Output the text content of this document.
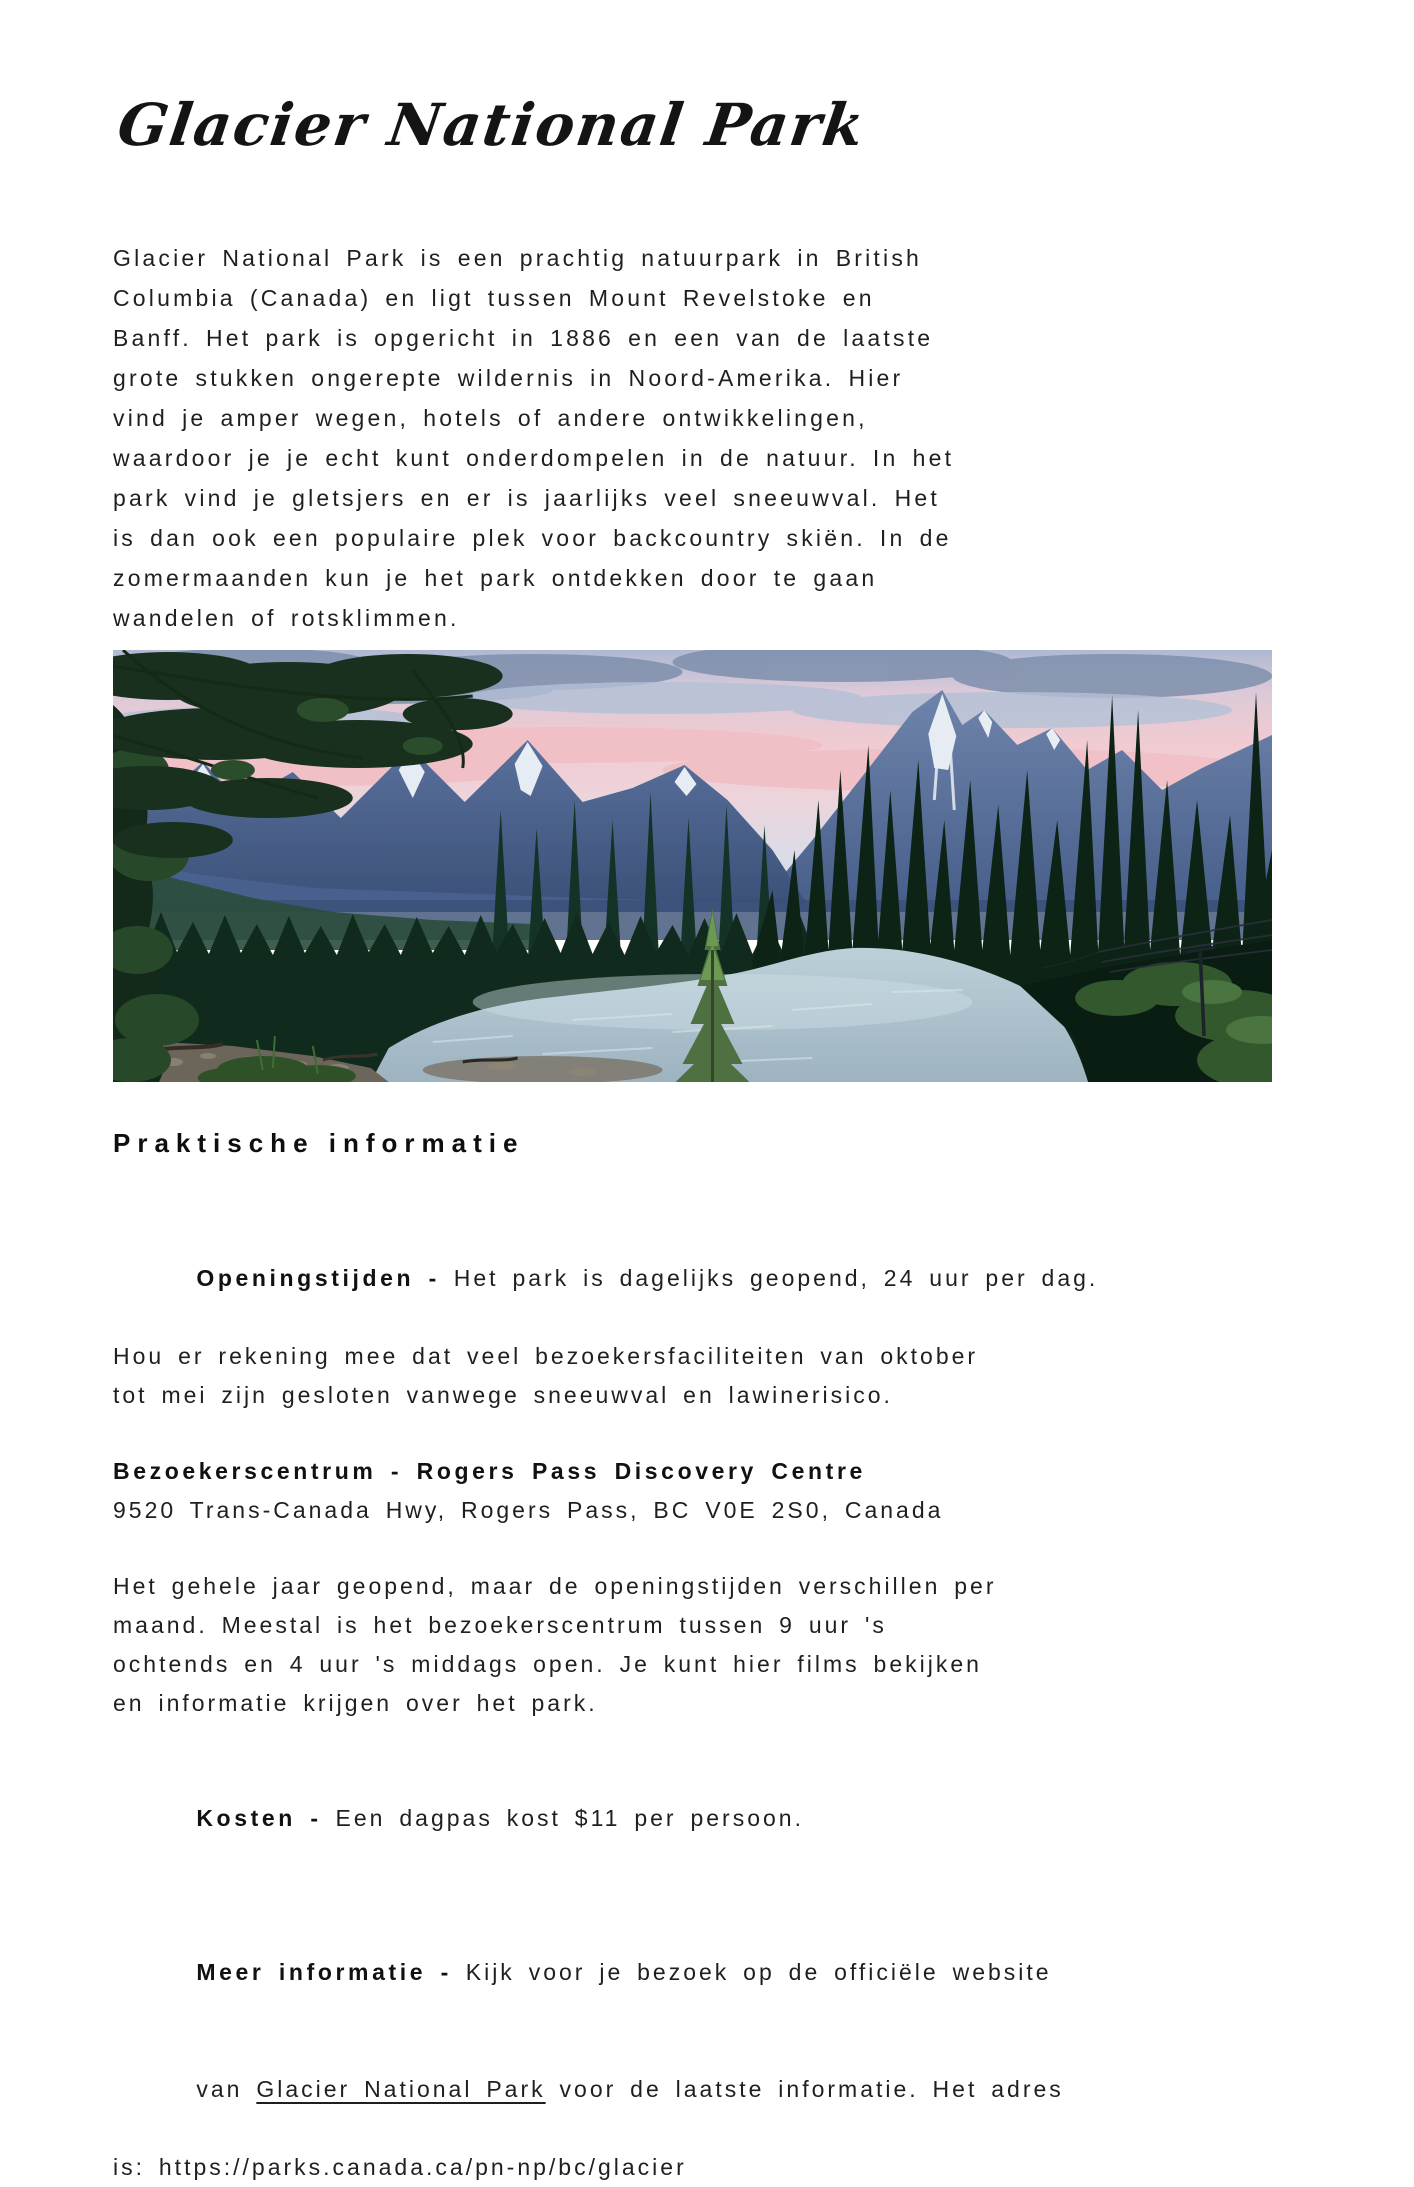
Glacier National Park
Glacier National Park is een prachtig natuurpark in British
Columbia (Canada) en ligt tussen Mount Revelstoke en
Banff. Het park is opgericht in 1886 en een van de laatste
grote stukken ongerepte wildernis in Noord-Amerika. Hier
vind je amper wegen, hotels of andere ontwikkelingen,
waardoor je je echt kunt onderdompelen in de natuur. In het
park vind je gletsjers en er is jaarlijks veel sneeuwval. Het
is dan ook een populaire plek voor backcountry skiën. In de
zomermaanden kun je het park ontdekken door te gaan
wandelen of rotsklimmen.
Praktische informatie

Openingstijden - Het park is dagelijks geopend, 24 uur per dag.

Hou er rekening mee dat veel bezoekersfaciliteiten van oktober
tot mei zijn gesloten vanwege sneeuwval en lawinerisico.
Bezoekerscentrum - Rogers Pass Discovery Centre
9520 Trans-Canada Hwy, Rogers Pass, BC V0E 2S0, Canada
Het gehele jaar geopend, maar de openingstijden verschillen per
maand. Meestal is het bezoekerscentrum tussen 9 uur 's
ochtends en 4 uur 's middags open. Je kunt hier films bekijken
en informatie krijgen over het park.

Kosten - Een dagpas kost $11 per persoon.

Meer informatie - Kijk voor je bezoek op de officiële website

van Glacier National Park voor de laatste informatie. Het adres

is: https://parks.canada.ca/pn-np/bc/glacier
